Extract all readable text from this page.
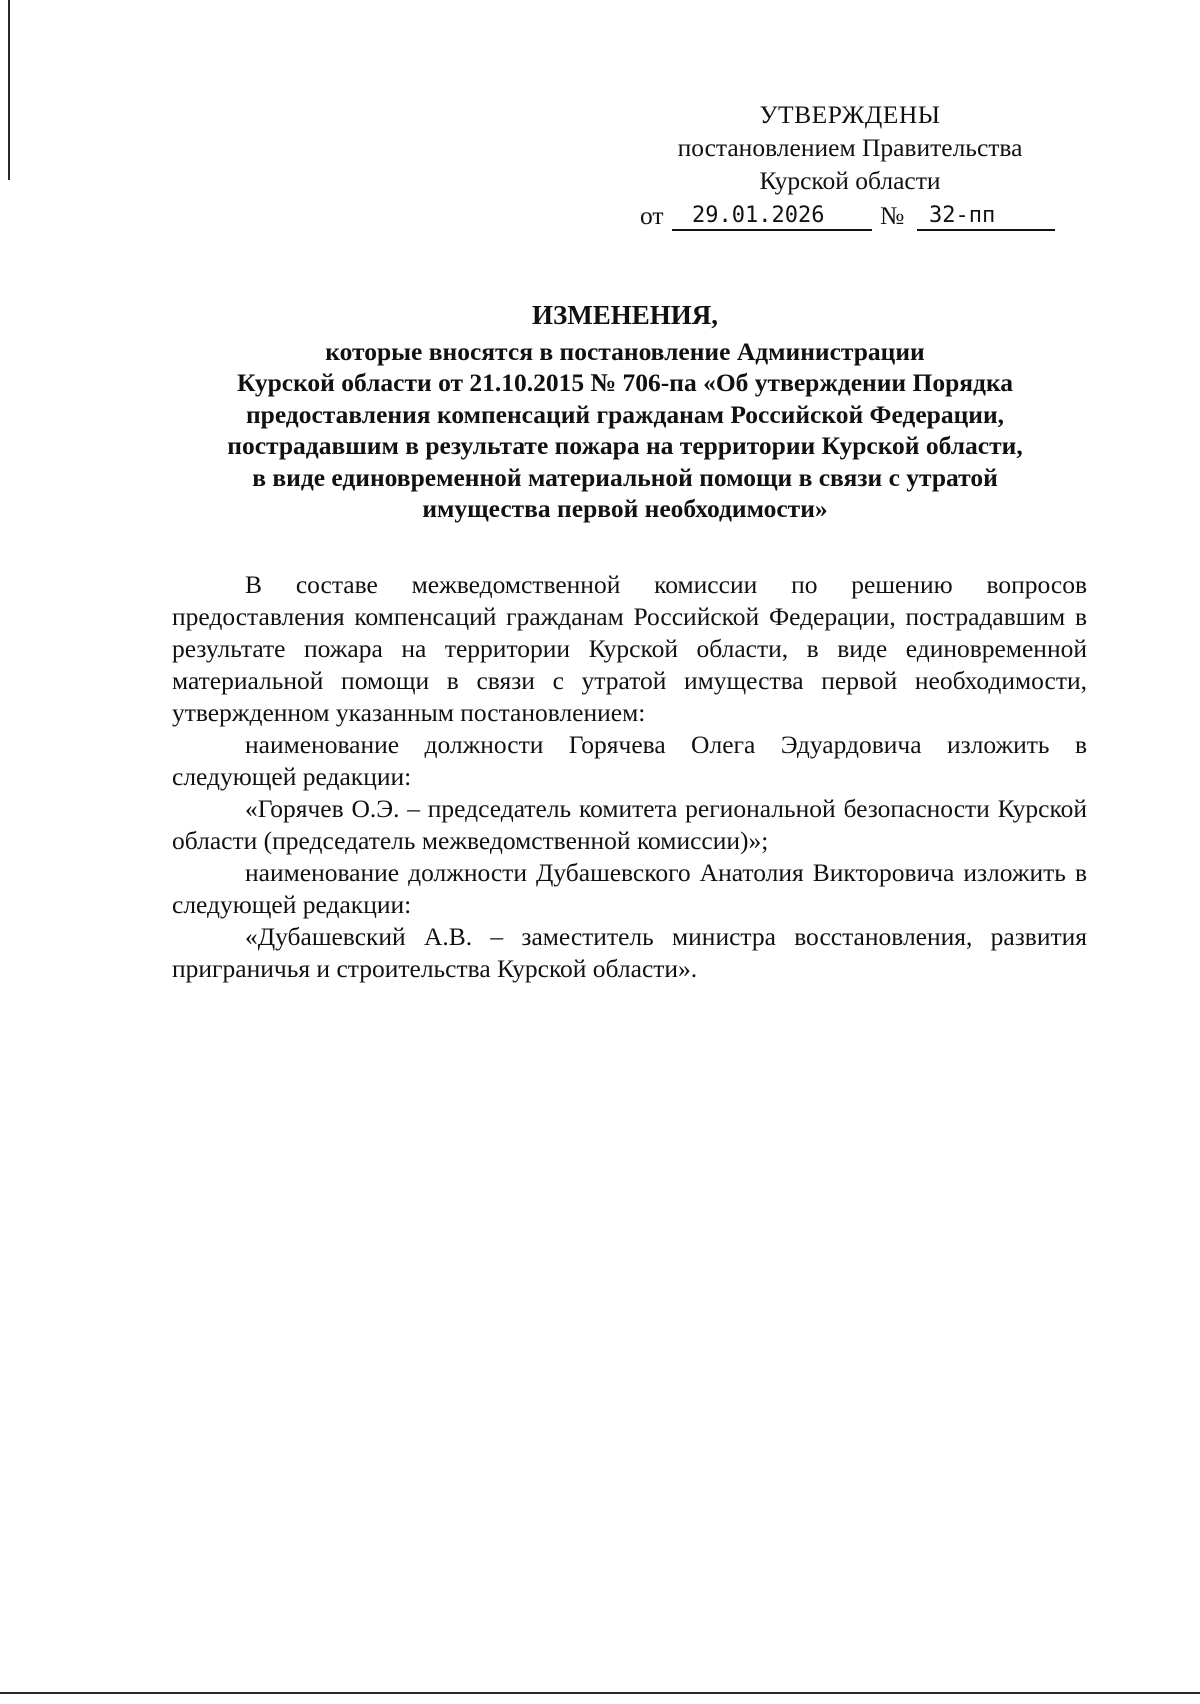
УТВЕРЖДЕНЫ
постановлением Правительства
Курской области
от 29.01.2026 № 32-пп
ИЗМЕНЕНИЯ,
которые вносятся в постановление Администрации
Курской области от 21.10.2015 № 706-па «Об утверждении Порядка
предоставления компенсаций гражданам Российской Федерации,
пострадавшим в результате пожара на территории Курской области,
в виде единовременной материальной помощи в связи с утратой
имущества первой необходимости»

В составе межведомственной комиссии по решению вопросов предоставления компенсаций гражданам Российской Федерации, пострадавшим в результате пожара на территории Курской области, в виде единовременной материальной помощи в связи с утратой имущества первой необходимости, утвержденном указанным постановлением:

наименование должности Горячева Олега Эдуардовича изложить в следующей редакции:

«Горячев О.Э. – председатель комитета региональной безопасности Курской области (председатель межведомственной комиссии)»;

наименование должности Дубашевского Анатолия Викторовича изложить в следующей редакции:

«Дубашевский А.В. – заместитель министра восстановления, развития приграничья и строительства Курской области».
